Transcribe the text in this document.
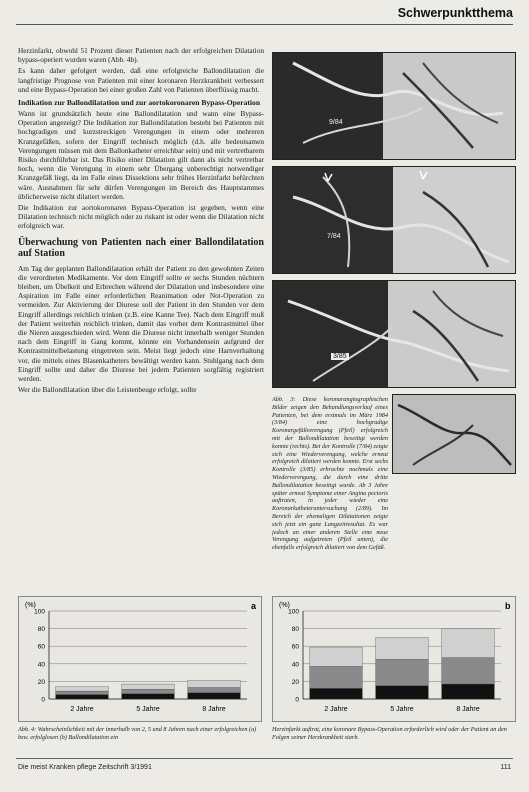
Schwerpunktthema

Herzinfarkt, obwohl 51 Prozent dieser Patienten nach der erfolgreichen Dilatation bypass-operiert wurden waren (Abb. 4b).

Es kann daher gefolgert werden, daß eine erfolgreiche Ballondilatation die langfristige Prognose von Patienten mit einer koronaren Herzkrankheit verbessert und eine Bypass-Operation bei einer großen Zahl von Patienten überflüssig macht.

Indikation zur Ballondilatation und zur aortokoronaren Bypass-Operation

Wann ist grundsätzlich heute eine Ballondilatation und wann eine Bypass-Operation angezeigt? Die Indikation zur Ballondilatation besteht bei Patienten mit hochgradigen und kurzstreckigen Verengungen in einem oder mehreren Kranzgefäßen, sofern der Eingriff technisch möglich (d.h. alle bedeutsamen Verengungen müssen mit dem Ballonkatheter erreichbar sein) und mit vertretbarem Risiko durchführbar ist. Das Risiko einer Dilatation gilt dann als nicht vertretbar hoch, wenn die Verengung in einem sehr Übergang unberechtigt notwendiger Kranzgefäß liegt, da im Falle eines Dissektions sehr frühes Herzinfarkt befürchten wäre. Ausnahmen für sehr dürfen Verengungen im Bereich des Hauptstammes üblicherweise nicht dilatiert werden.

Die Indikation zur aortokoronaren Bypass-Operation ist gegeben, wenn eine Dilatation technisch nicht möglich oder zu riskant ist oder wenn die Dilatation nicht erfolgreich war.

Überwachung von Patienten nach einer Ballondilatation auf Station

Am Tag der geplanten Ballondilatation erhält der Patient zu den gewohnten Zeiten die verordneten Medikamente. Vor dem Eingriff sollte er sechs Stunden nüchtern bleiben, um Übelkeit und Erbrechen während der Dilatation und insbesondere eine Aspiration im Falle einer erforderlichen Reanimation oder Not-Operation zu vermeiden. Zur Aktivierung der Diurese soll der Patient in den Stunden vor dem Eingriff allerdings reichlich trinken (z.B. eine Kanne Tee). Nach dem Eingriff muß der Patient weiterhin reichlich trinken, damit das vorher dem Kontrastmittel über die Nieren ausgeschieden wird. Wenn die Diurese nicht innerhalb weniger Stunden nach dem Eingriff in Gang kommt, könnte ein Vorhandensein aufgrund der Kontrastmittelbelastung eingetreten sein. Meist liegt jedoch eine Harnverhaltung vor, die mittels eines Blasenkatheters bewältigt werden kann. Stuhlgang nach dem Eingriff sollte und daher die Diurese bei jedem Patienten sorgfältig registriert werden.

Wer die Ballondilatation über die Leistenbeuge erfolgt, sollte

9/84
7/84
3/85
Abb. 3: Diese koronarangiographischen Bilder zeigen den Behandlungsverlauf eines Patienten, bei dem erstmals im März 1984 (3/84) eine hochgradige Koronargefäßverengung (Pfeil) erfolgreich mit der Ballondilatation beseitigt werden konnte (rechts). Bei der Kontrolle (7/84) zeigte sich eine Wiederverengung, welche erneut erfolgreich dilatiert werden konnte. Erst sechs Kontrolle (3/85) erbrachte nochmals eine Wiederverengung, die durch eine dritte Ballondilatation beseitigt wurde. Ab 3 Jahre später erneut Symptome einer Angina pectoris auftraten, in jeder wieder eine Koronarkatheteruntersuchung (2/89). Im Bereich der ehemaligen Dilatationen zeigte sich jetzt ein ganz Langzeitresultat. Es war jedoch an einer anderen Stelle eine neue Verengung aufgetreten (Pfeil unten), die ebenfalls erfolgreich dilatiert von dem Gefäß.
(%)	a
0
20
40
60
80
100
2 Jahre	5 Jahre	8 Jahre
(%)	b
0
20
40
60
80
100
2 Jahre	5 Jahre	8 Jahre
Abb. 4: Wahrscheinlichkeit mit der innerhalb von 2, 5 und 8 Jahren nach einer erfolgreichen (a) bzw. erfolglosen (b) Ballondilatation ein
Herzinfarkt auftrat, eine koronare Bypass-Operation erforderlich wird oder der Patient an den Folgen seiner Herzkrankheit starb.
Die meist Kranken pflege Zeitschrift 3/1991	111
